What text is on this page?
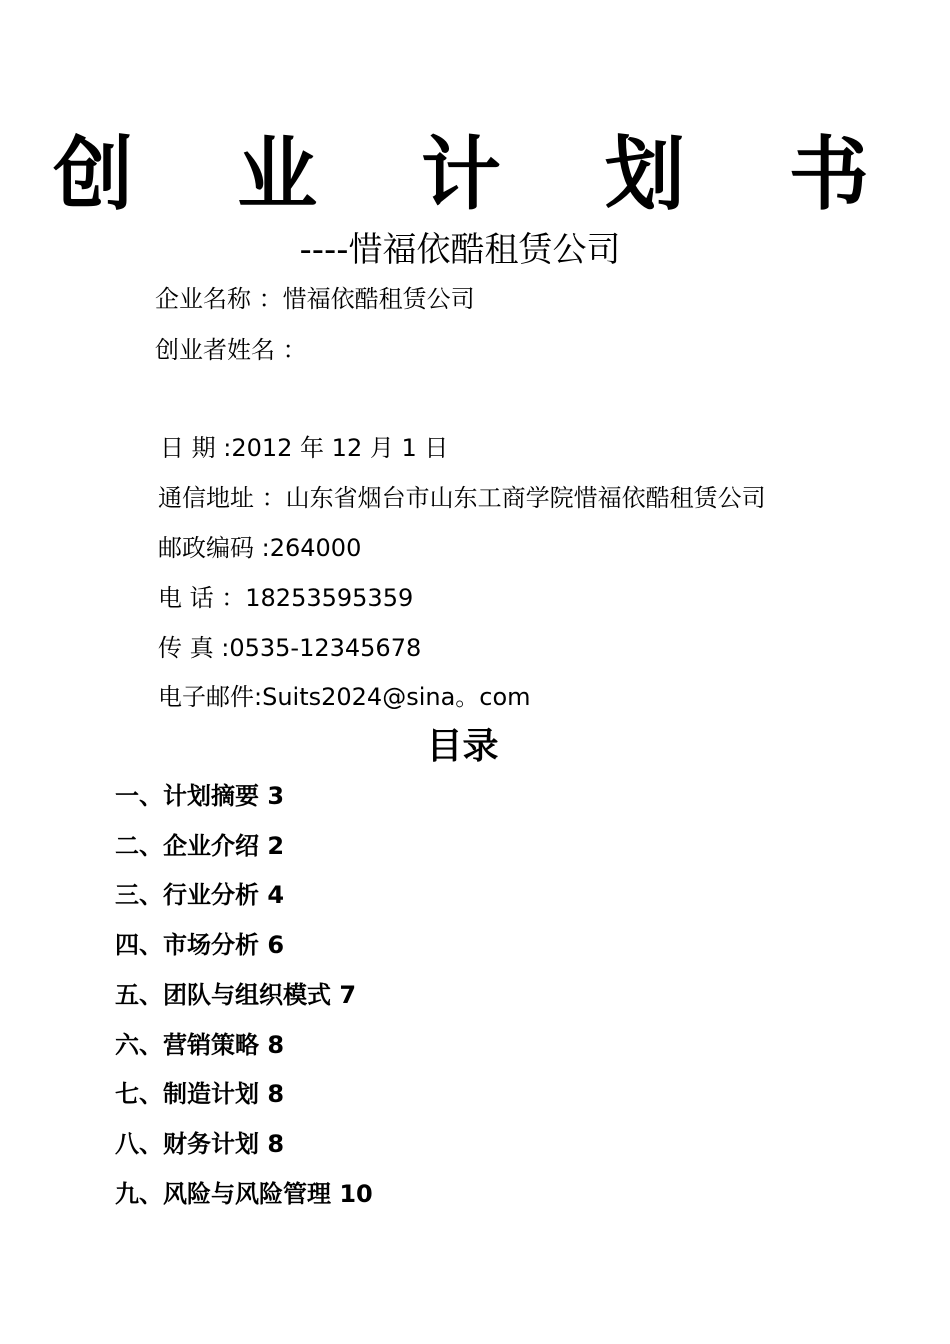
创 业 计 划 书
----惜福依酷租赁公司
企业名称 ：惜福依酷租赁公司
创业者姓名 ：
日 期 :2012 年 12 月 1 日
通信地址 ：山东省烟台市山东工商学院惜福依酷租赁公司
邮政编码 :264000
电 话 ：18253595359
传 真 :0535-12345678
电子邮件:Suits2024@sina。com
目录
一、计划摘要 3
二、企业介绍 2
三、行业分析 4
四、市场分析 6
五、团队与组织模式 7
六、营销策略 8
七、制造计划 8
八、财务计划 8
九、风险与风险管理 10
